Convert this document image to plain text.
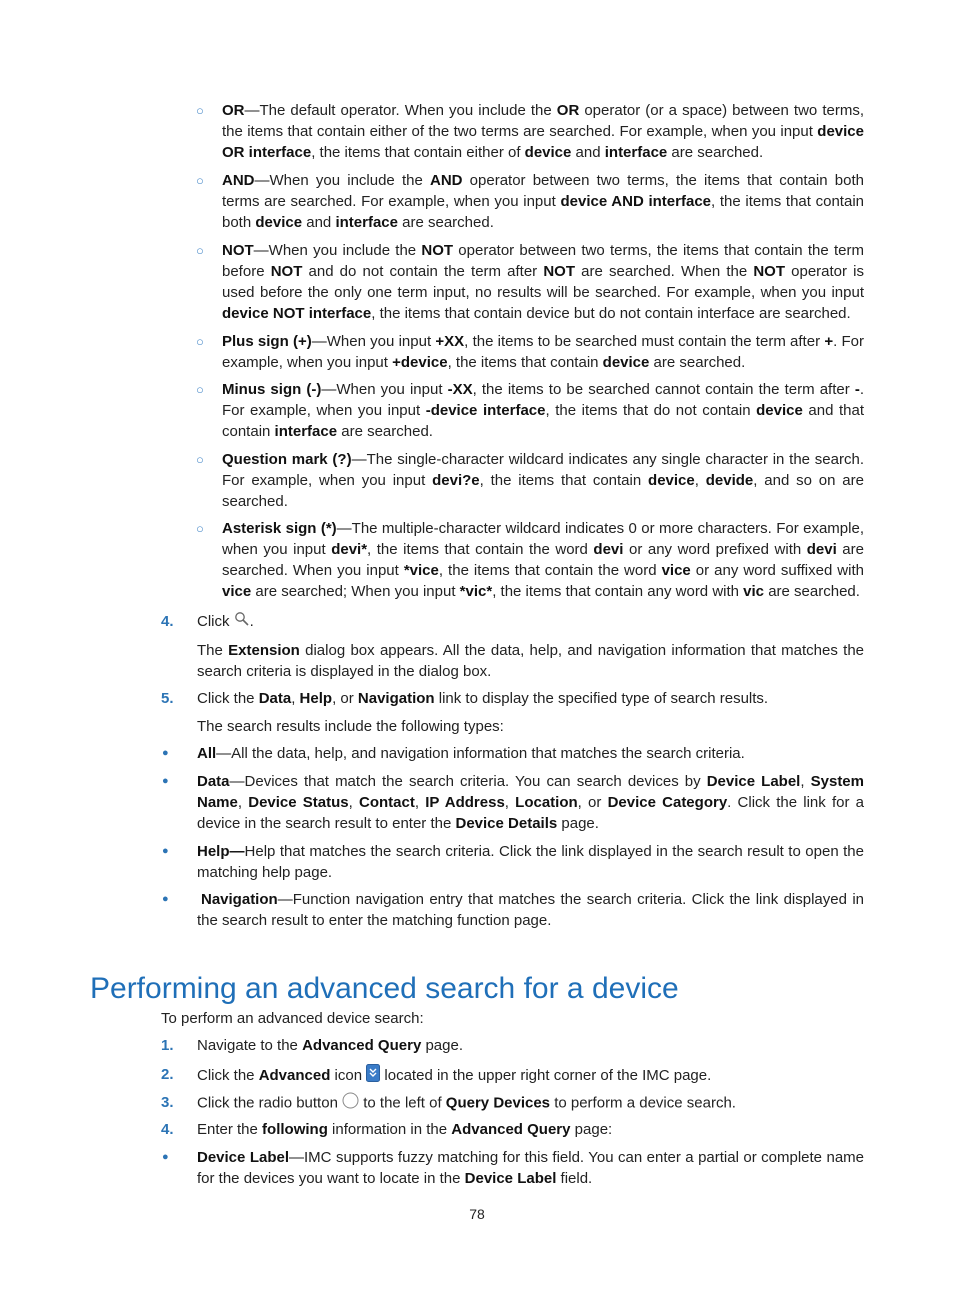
○ OR—The default operator. When you include the OR operator (or a space) between two terms, the items that contain either of the two terms are searched. For example, when you input device OR interface, the items that contain either of device and interface are searched.
○ AND—When you include the AND operator between two terms, the items that contain both terms are searched. For example, when you input device AND interface, the items that contain both device and interface are searched.
○ NOT—When you include the NOT operator between two terms, the items that contain the term before NOT and do not contain the term after NOT are searched. When the NOT operator is used before the only one term input, no results will be searched. For example, when you input device NOT interface, the items that contain device but do not contain interface are searched.
○ Plus sign (+)—When you input +XX, the items to be searched must contain the term after +. For example, when you input +device, the items that contain device are searched.
○ Minus sign (-)—When you input -XX, the items to be searched cannot contain the term after -. For example, when you input -device interface, the items that do not contain device and that contain interface are searched.
○ Question mark (?)—The single-character wildcard indicates any single character in the search. For example, when you input devi?e, the items that contain device, devide, and so on are searched.
○ Asterisk sign (*)—The multiple-character wildcard indicates 0 or more characters. For example, when you input devi*, the items that contain the word devi or any word prefixed with devi are searched. When you input *vice, the items that contain the word vice or any word suffixed with vice are searched; When you input *vic*, the items that contain any word with vic are searched.
4. Click .
The Extension dialog box appears. All the data, help, and navigation information that matches the search criteria is displayed in the dialog box.
5. Click the Data, Help, or Navigation link to display the specified type of search results.
The search results include the following types:
● All—All the data, help, and navigation information that matches the search criteria.
● Data—Devices that match the search criteria. You can search devices by Device Label, System Name, Device Status, Contact, IP Address, Location, or Device Category. Click the link for a device in the search result to enter the Device Details page.
● Help—Help that matches the search criteria. Click the link displayed in the search result to open the matching help page.
● Navigation—Function navigation entry that matches the search criteria. Click the link displayed in the search result to enter the matching function page.
Performing an advanced search for a device
To perform an advanced device search:
1. Navigate to the Advanced Query page.
2. Click the Advanced icon  located in the upper right corner of the IMC page.
3. Click the radio button  to the left of Query Devices to perform a device search.
4. Enter the following information in the Advanced Query page:
● Device Label—IMC supports fuzzy matching for this field. You can enter a partial or complete name for the devices you want to locate in the Device Label field.
78
